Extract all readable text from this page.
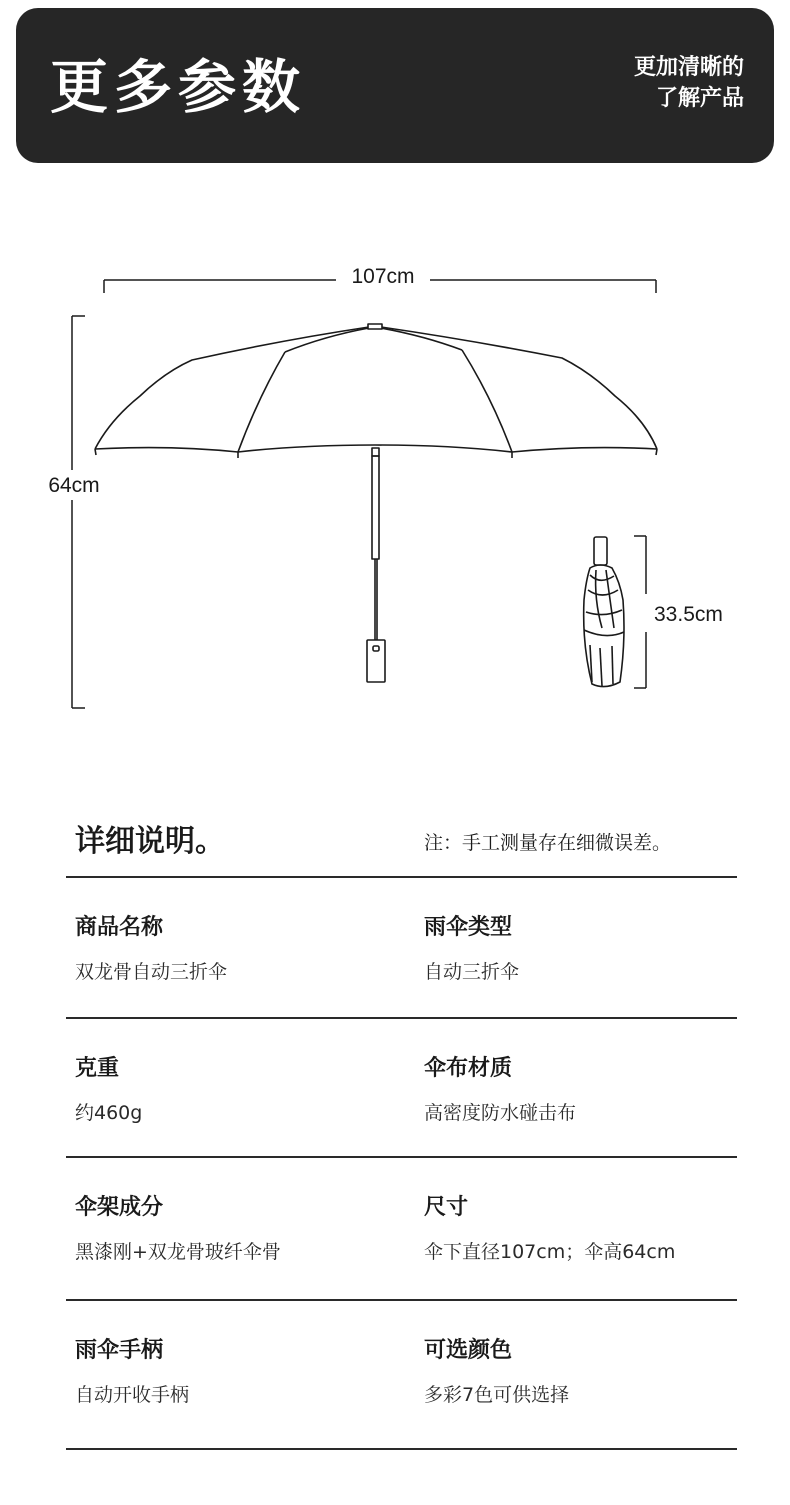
更多参数	更加清晰的
了解产品
107cm
64cm
33.5cm
详细说明。	注：手工测量存在细微误差。
商品名称
双龙骨自动三折伞
雨伞类型
自动三折伞
克重
约460g
伞布材质
高密度防水碰击布
伞架成分
黑漆刚+双龙骨玻纤伞骨
尺寸
伞下直径107cm；伞高64cm
雨伞手柄
自动开收手柄
可选颜色
多彩7色可供选择
